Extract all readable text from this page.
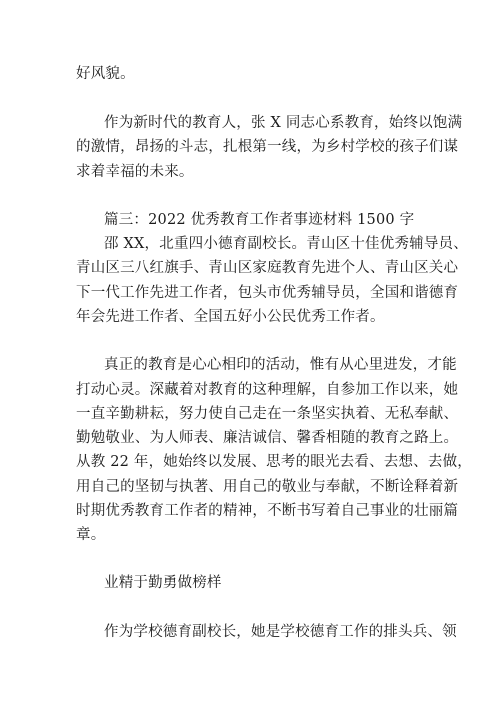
好风貌。
作为新时代的教育人，张 X 同志心系教育，始终以饱满
的激情，昂扬的斗志，扎根第一线，为乡村学校的孩子们谋
求着幸福的未来。
篇三：2022 优秀教育工作者事迹材料 1500 字
邵 XX，北重四小德育副校长。青山区十佳优秀辅导员、
青山区三八红旗手、青山区家庭教育先进个人、青山区关心
下一代工作先进工作者，包头市优秀辅导员，全国和谐德育
年会先进工作者、全国五好小公民优秀工作者。
真正的教育是心心相印的活动，惟有从心里进发，才能
打动心灵。深藏着对教育的这种理解，自参加工作以来，她
一直辛勤耕耘，努力使自己走在一条坚实执着、无私奉献、
勤勉敬业、为人师表、廉洁诚信、馨香相随的教育之路上。
从教 22 年，她始终以发展、思考的眼光去看、去想、去做，
用自己的坚韧与执著、用自己的敬业与奉献，不断诠释着新
时期优秀教育工作者的精神，不断书写着自己事业的壮丽篇
章。
业精于勤勇做榜样
作为学校德育副校长，她是学校德育工作的排头兵、领
